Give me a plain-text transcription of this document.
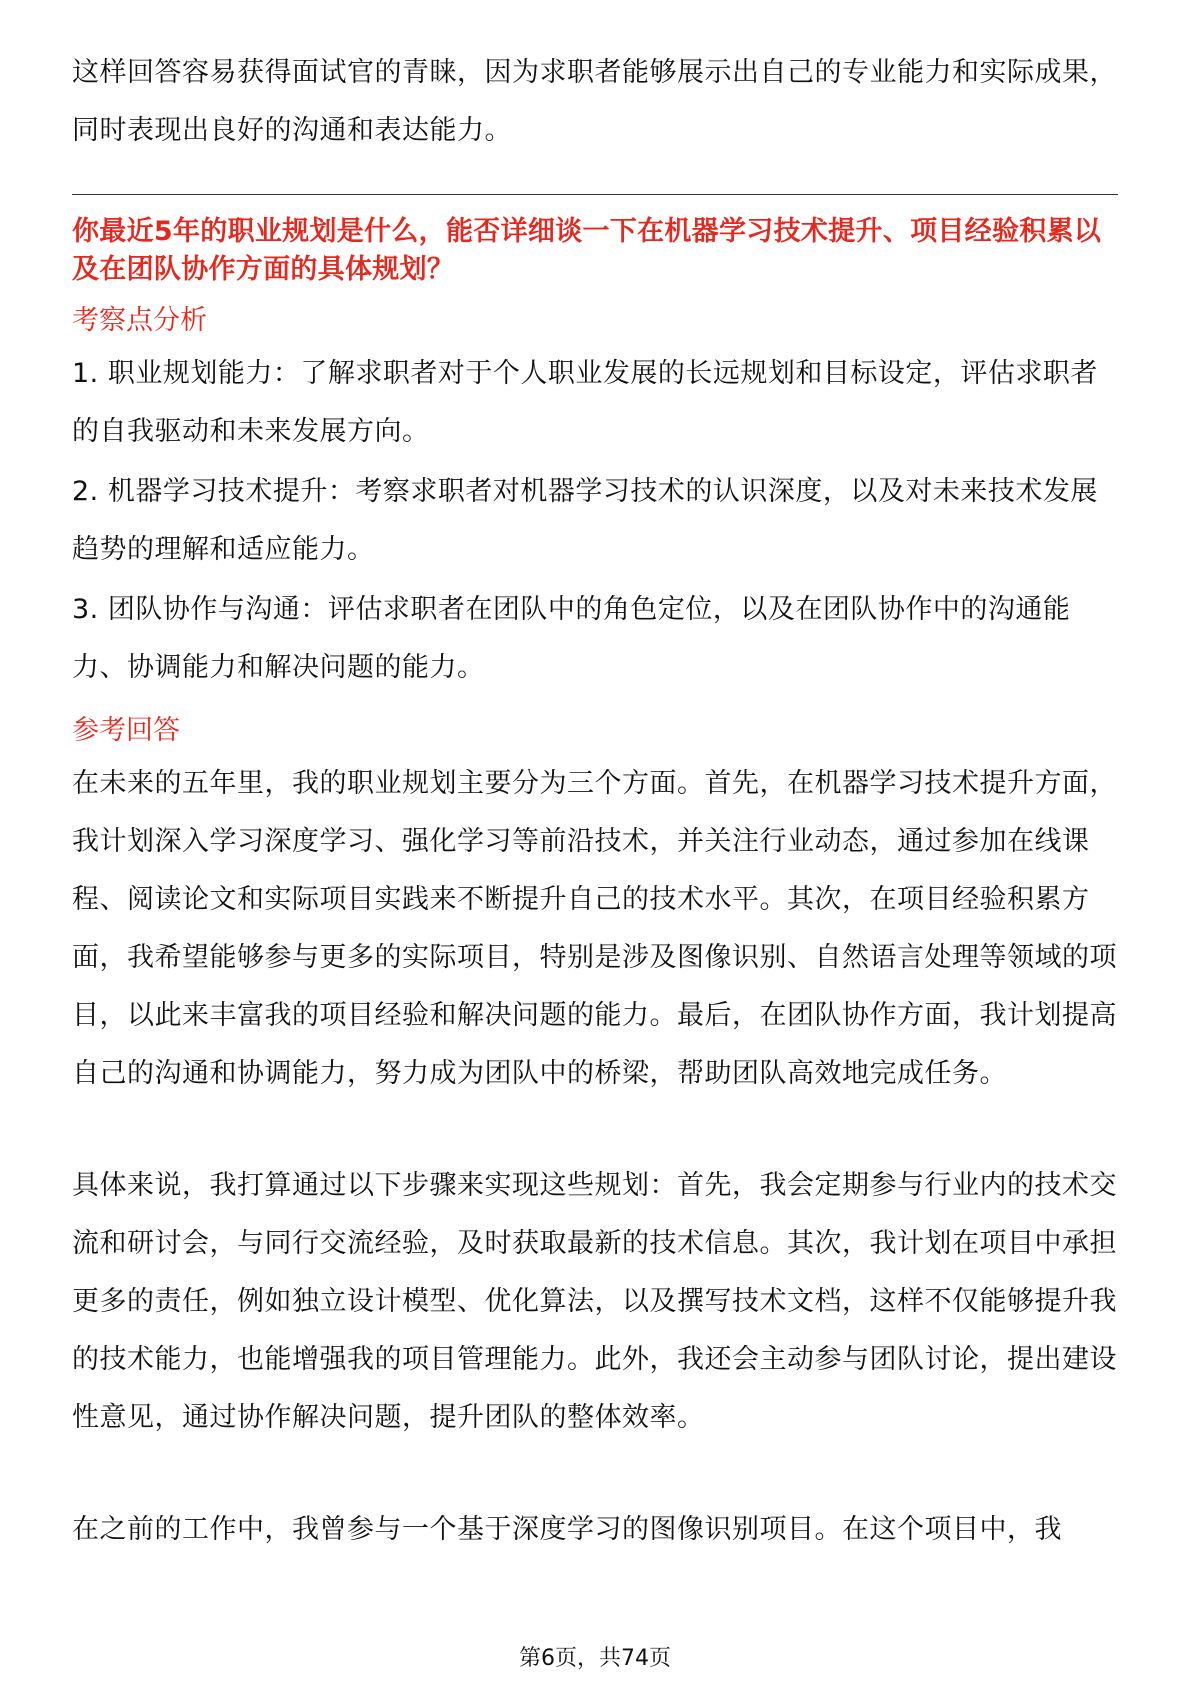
这样回答容易获得面试官的青睐，因为求职者能够展示出自己的专业能力和实际成果，同时表现出良好的沟通和表达能力。

你最近5年的职业规划是什么，能否详细谈一下在机器学习技术提升、项目经验积累以及在团队协作方面的具体规划？

考察点分析

1. 职业规划能力：了解求职者对于个人职业发展的长远规划和目标设定，评估求职者的自我驱动和未来发展方向。

2. 机器学习技术提升：考察求职者对机器学习技术的认识深度，以及对未来技术发展趋势的理解和适应能力。

3. 团队协作与沟通：评估求职者在团队中的角色定位，以及在团队协作中的沟通能力、协调能力和解决问题的能力。

参考回答

在未来的五年里，我的职业规划主要分为三个方面。首先，在机器学习技术提升方面，我计划深入学习深度学习、强化学习等前沿技术，并关注行业动态，通过参加在线课程、阅读论文和实际项目实践来不断提升自己的技术水平。其次，在项目经验积累方面，我希望能够参与更多的实际项目，特别是涉及图像识别、自然语言处理等领域的项目，以此来丰富我的项目经验和解决问题的能力。最后，在团队协作方面，我计划提高自己的沟通和协调能力，努力成为团队中的桥梁，帮助团队高效地完成任务。

具体来说，我打算通过以下步骤来实现这些规划：首先，我会定期参与行业内的技术交流和研讨会，与同行交流经验，及时获取最新的技术信息。其次，我计划在项目中承担更多的责任，例如独立设计模型、优化算法，以及撰写技术文档，这样不仅能够提升我的技术能力，也能增强我的项目管理能力。此外，我还会主动参与团队讨论，提出建设性意见，通过协作解决问题，提升团队的整体效率。

在之前的工作中，我曾参与一个基于深度学习的图像识别项目。在这个项目中，我

第6页，共74页
